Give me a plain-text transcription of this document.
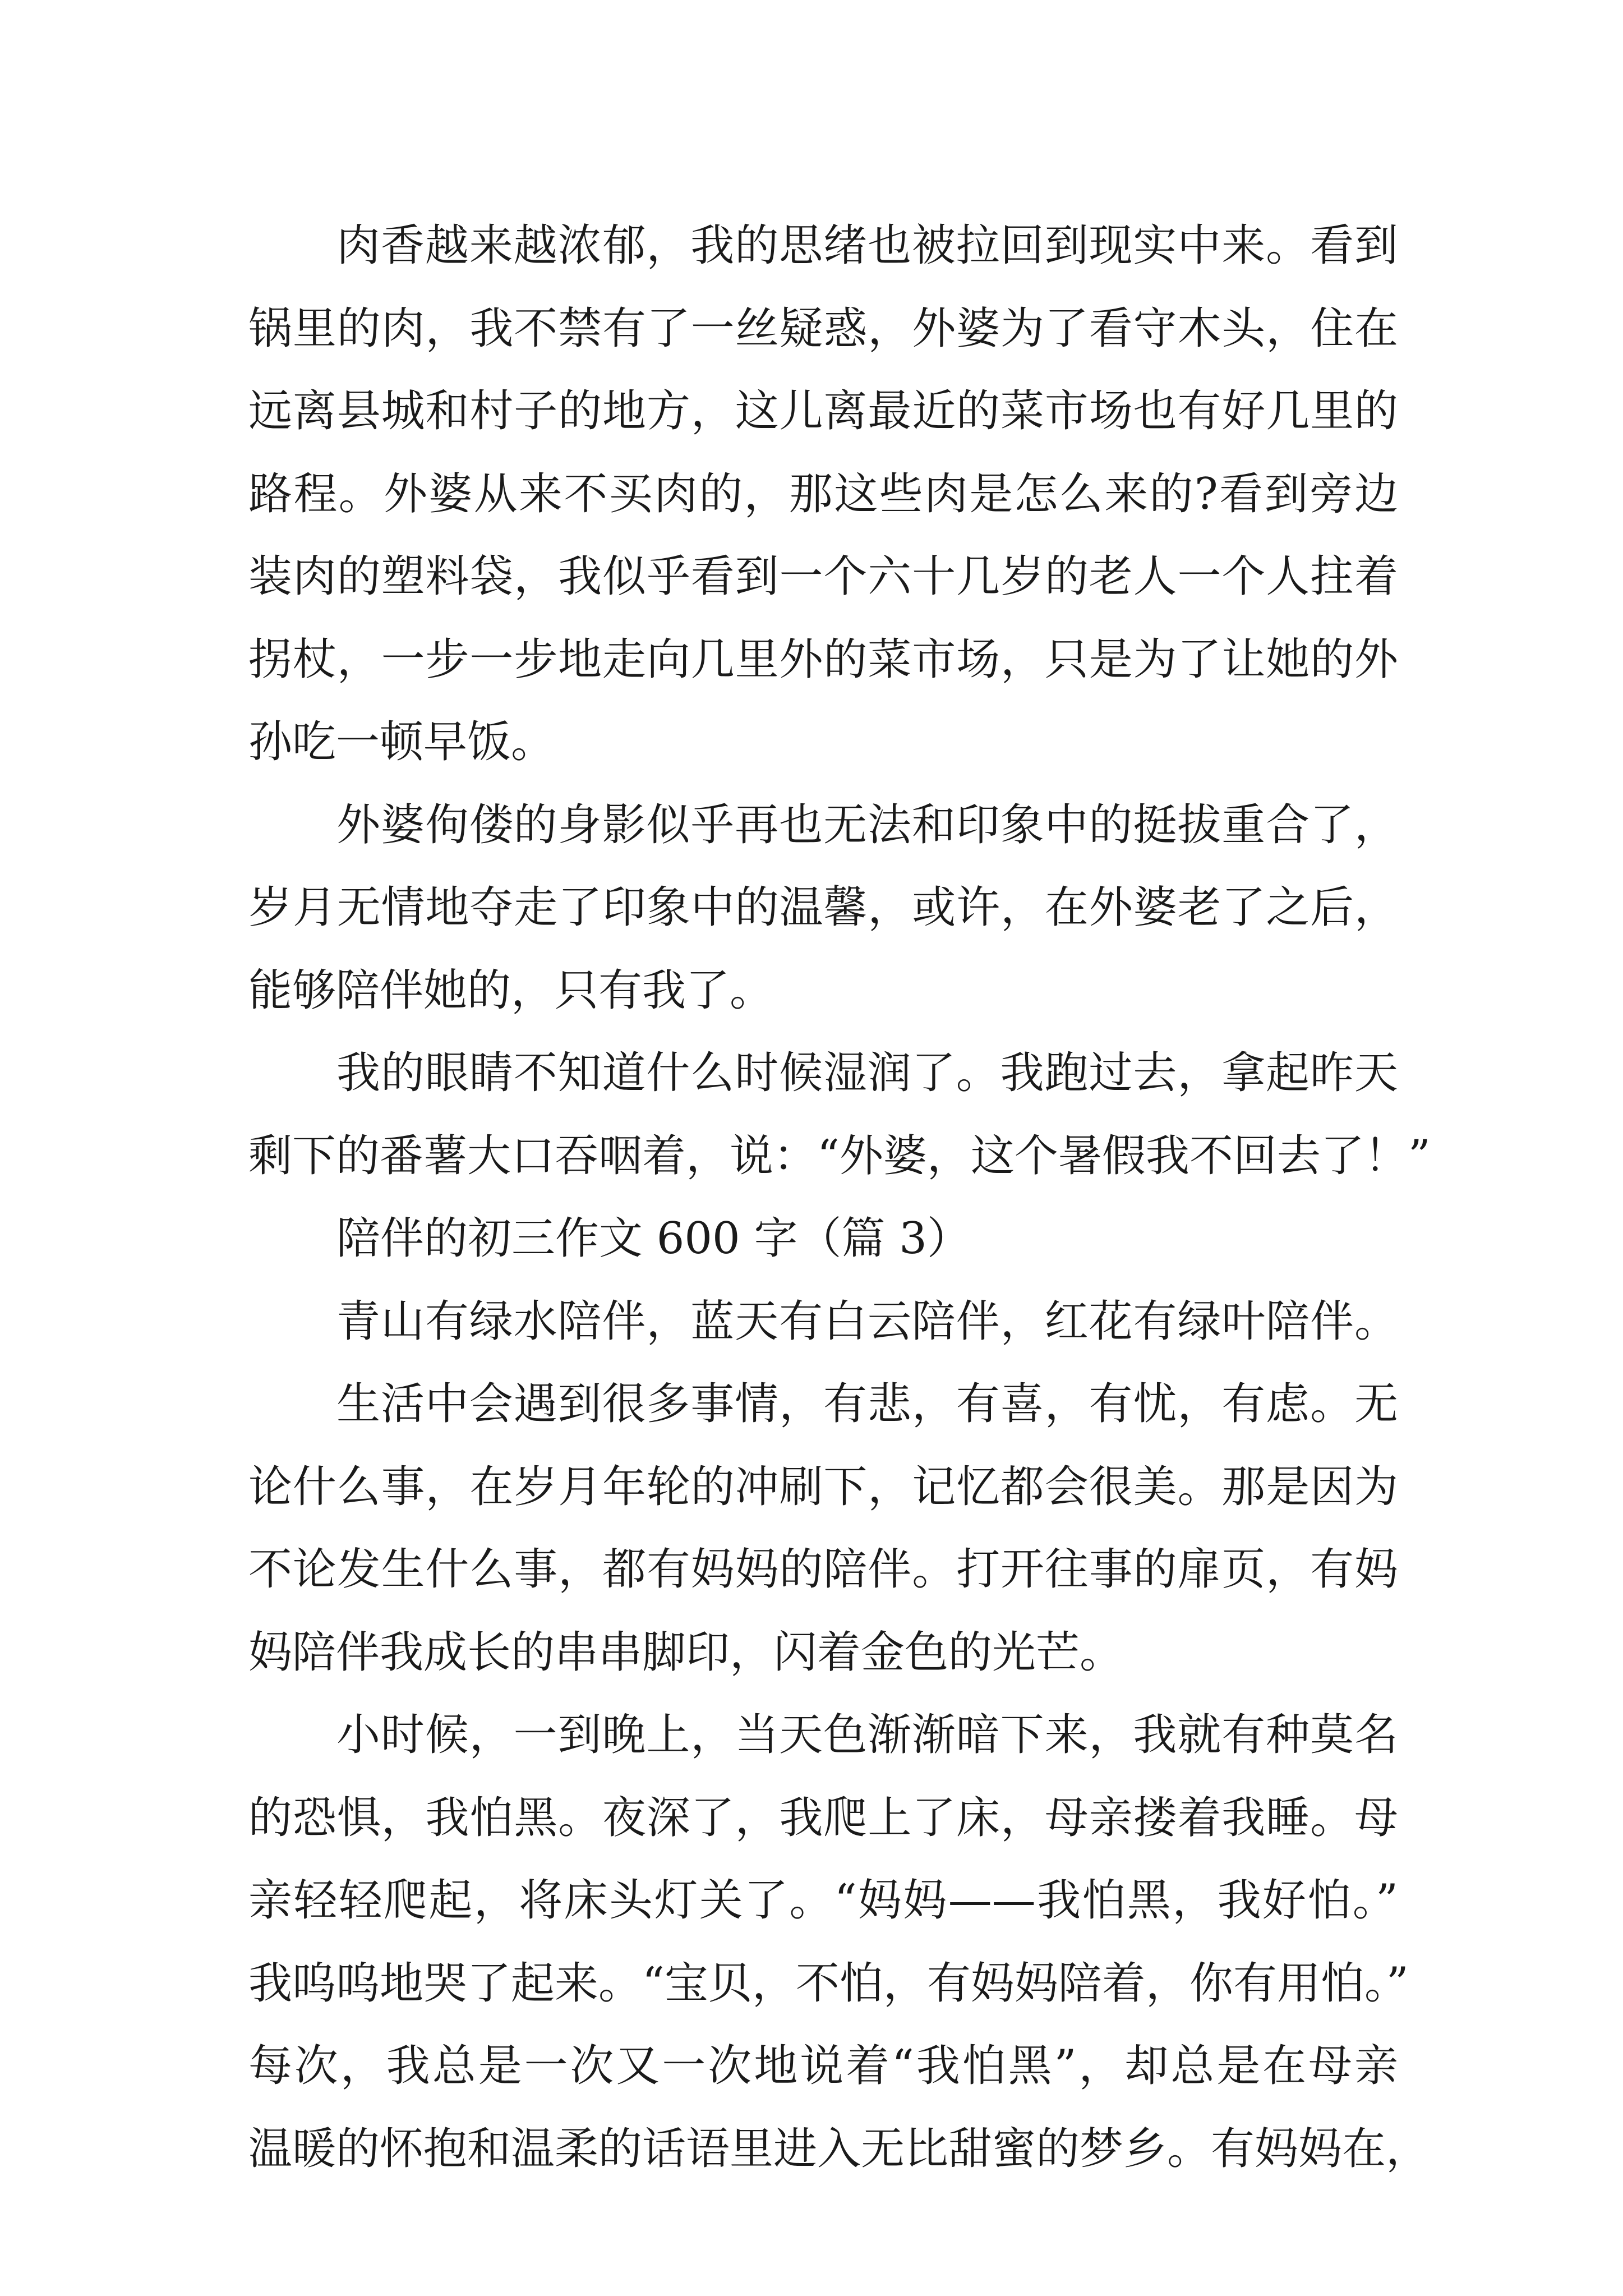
肉香越来越浓郁，我的思绪也被拉回到现实中来。看到
锅里的肉，我不禁有了一丝疑惑，外婆为了看守木头，住在
远离县城和村子的地方，这儿离最近的菜市场也有好几里的
路程。外婆从来不买肉的，那这些肉是怎么来的?看到旁边
装肉的塑料袋，我似乎看到一个六十几岁的老人一个人拄着
拐杖，一步一步地走向几里外的菜市场，只是为了让她的外
孙吃一顿早饭。
外婆佝偻的身影似乎再也无法和印象中的挺拔重合了，
岁月无情地夺走了印象中的温馨，或许，在外婆老了之后，
能够陪伴她的，只有我了。
我的眼睛不知道什么时候湿润了。我跑过去，拿起昨天
剩下的番薯大口吞咽着，说：“外婆，这个暑假我不回去了！”
陪伴的初三作文 600 字（篇 3）
青山有绿水陪伴，蓝天有白云陪伴，红花有绿叶陪伴。
生活中会遇到很多事情，有悲，有喜，有忧，有虑。无
论什么事，在岁月年轮的冲刷下，记忆都会很美。那是因为
不论发生什么事，都有妈妈的陪伴。打开往事的扉页，有妈
妈陪伴我成长的串串脚印，闪着金色的光芒。
小时候，一到晚上，当天色渐渐暗下来，我就有种莫名
的恐惧，我怕黑。夜深了，我爬上了床，母亲搂着我睡。母
亲轻轻爬起，将床头灯关了。“妈妈——我怕黑，我好怕。”
我呜呜地哭了起来。“宝贝，不怕，有妈妈陪着，你有用怕。”
每次，我总是一次又一次地说着“我怕黑”，却总是在母亲
温暖的怀抱和温柔的话语里进入无比甜蜜的梦乡。有妈妈在，
